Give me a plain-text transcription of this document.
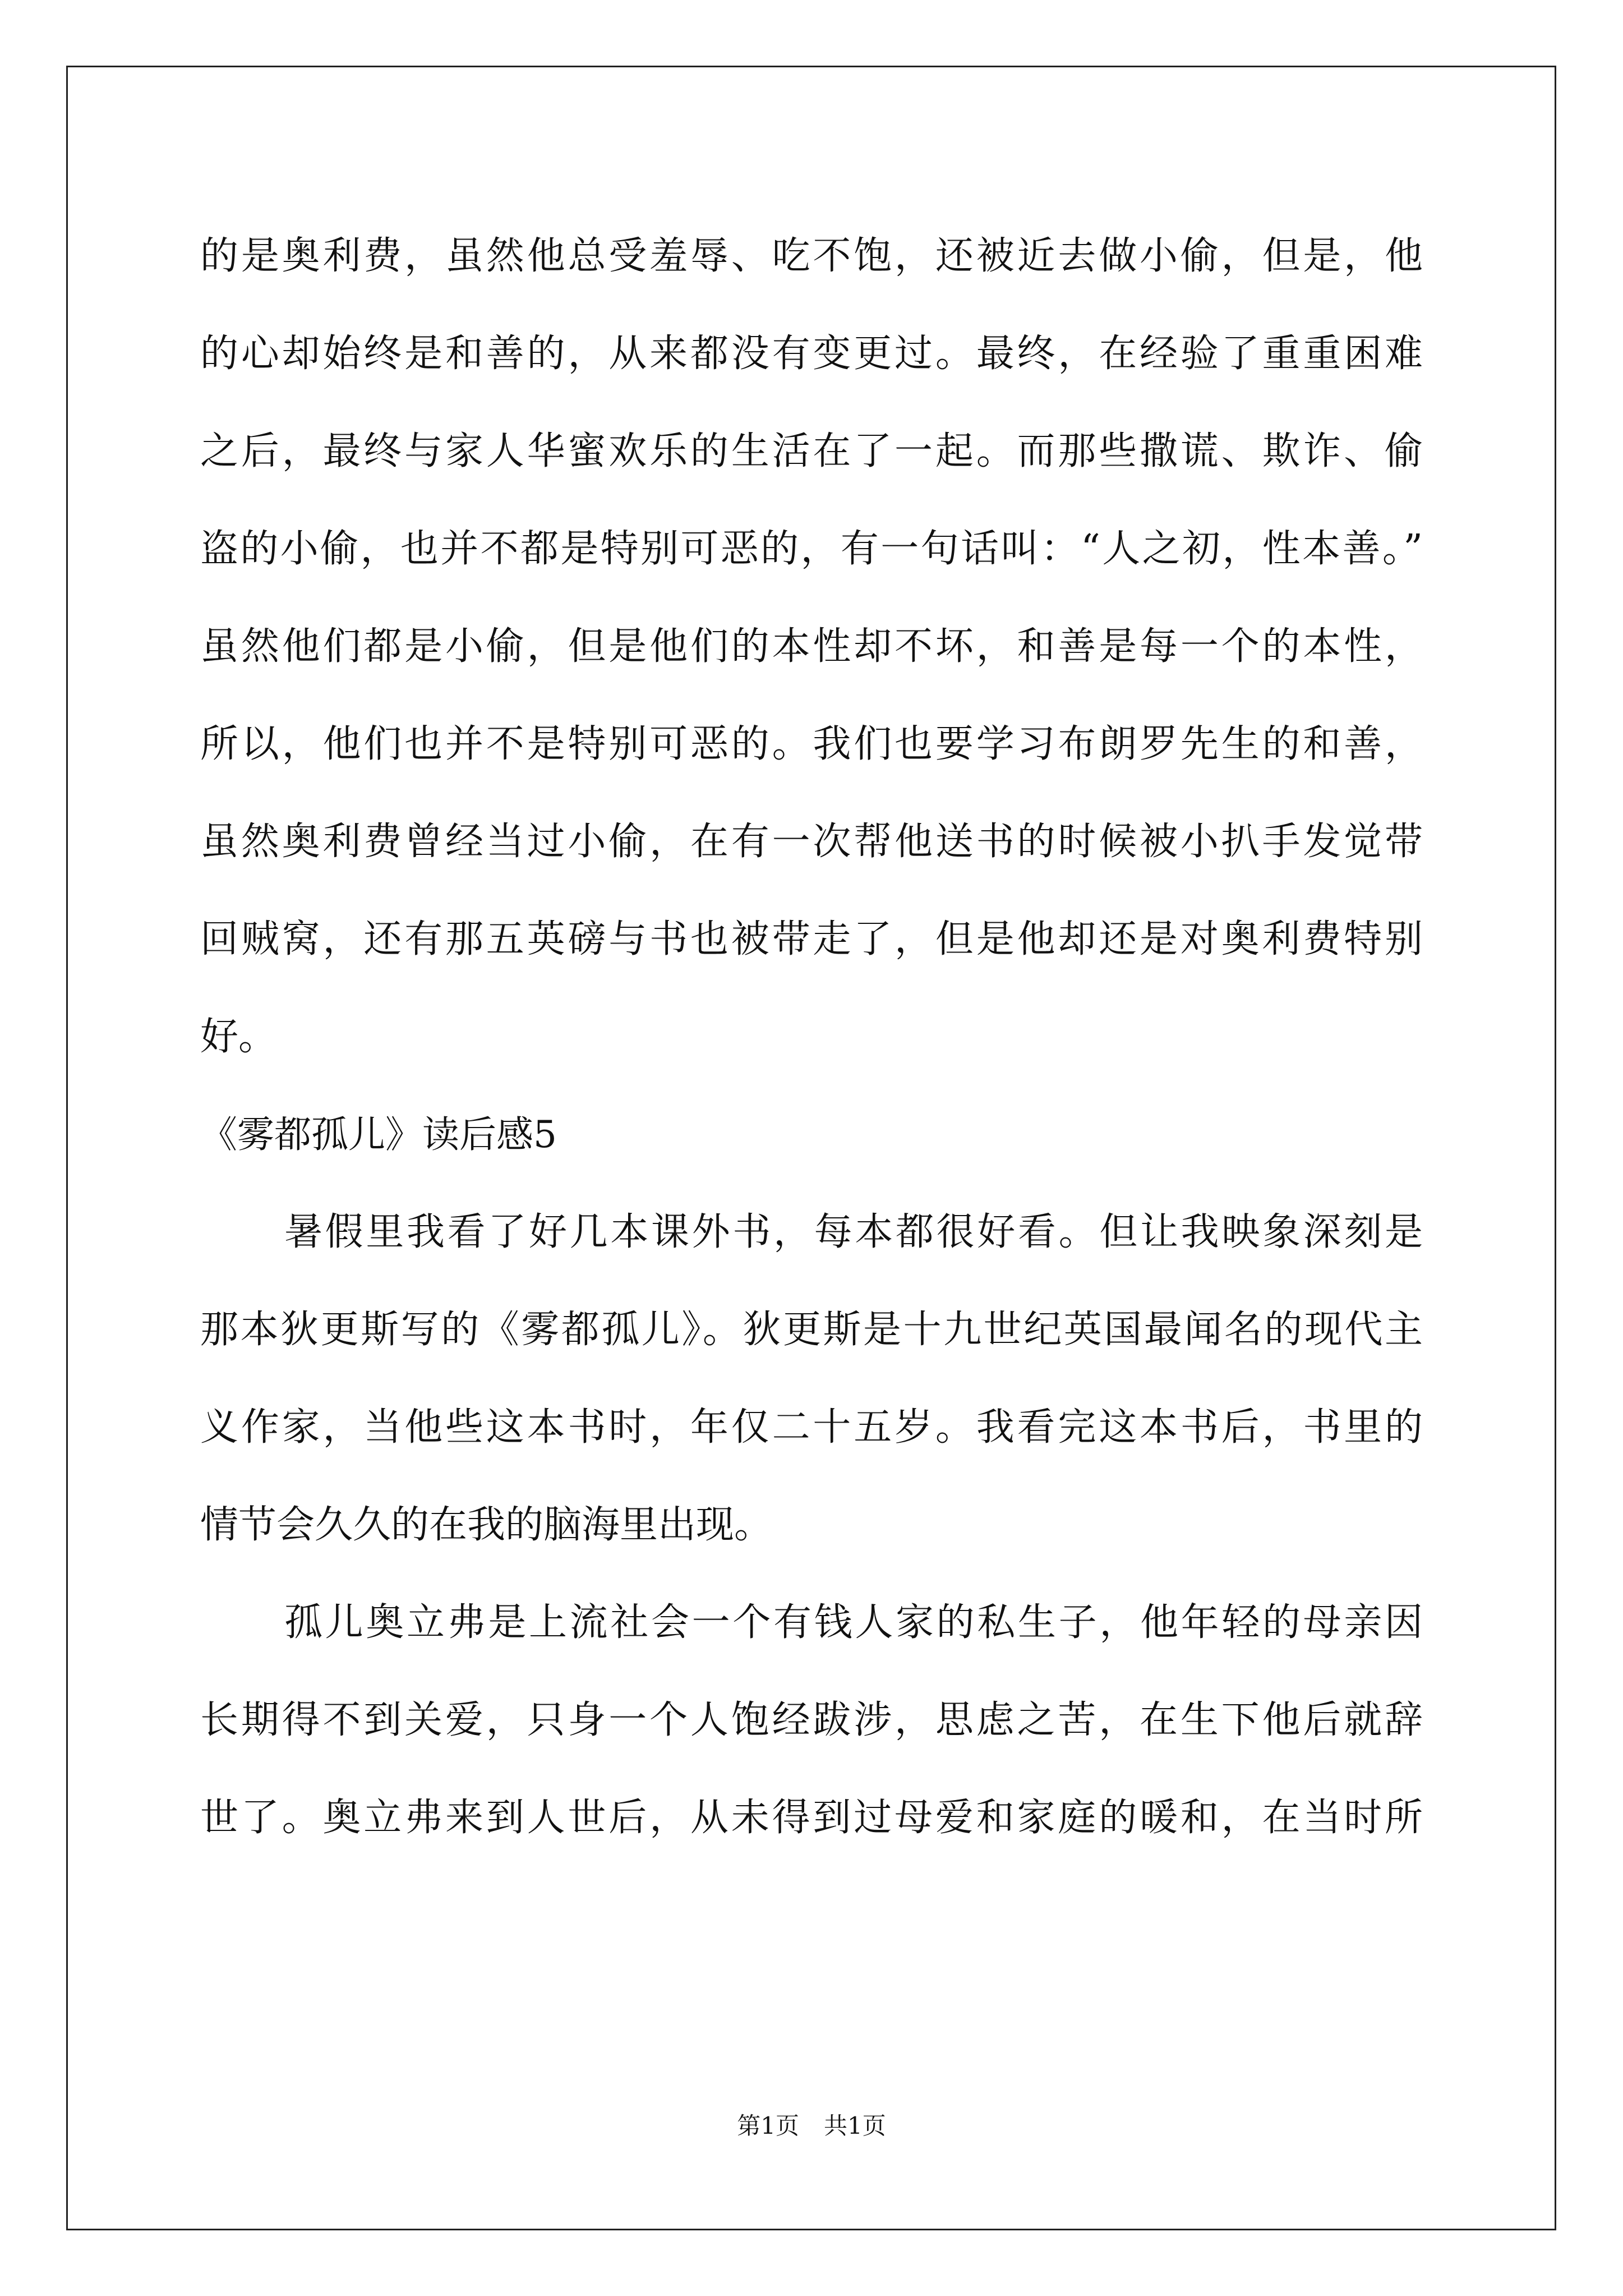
的是奥利费，虽然他总受羞辱、吃不饱，还被近去做小偷，但是，他

的心却始终是和善的，从来都没有变更过。最终，在经验了重重困难

之后，最终与家人华蜜欢乐的生活在了一起。而那些撒谎、欺诈、偷

盗的小偷，也并不都是特别可恶的，有一句话叫：“人之初，性本善。”

虽然他们都是小偷，但是他们的本性却不坏，和善是每一个的本性，

所以，他们也并不是特别可恶的。我们也要学习布朗罗先生的和善，

虽然奥利费曾经当过小偷，在有一次帮他送书的时候被小扒手发觉带

回贼窝，还有那五英磅与书也被带走了，但是他却还是对奥利费特别

好。

《雾都孤儿》读后感5

暑假里我看了好几本课外书，每本都很好看。但让我映象深刻是

那本狄更斯写的《雾都孤儿》。狄更斯是十九世纪英国最闻名的现代主

义作家，当他些这本书时，年仅二十五岁。我看完这本书后，书里的

情节会久久的在我的脑海里出现。

孤儿奥立弗是上流社会一个有钱人家的私生子，他年轻的母亲因

长期得不到关爱，只身一个人饱经跋涉，思虑之苦，在生下他后就辞

世了。奥立弗来到人世后，从未得到过母爱和家庭的暖和，在当时所

第1页 共1页
